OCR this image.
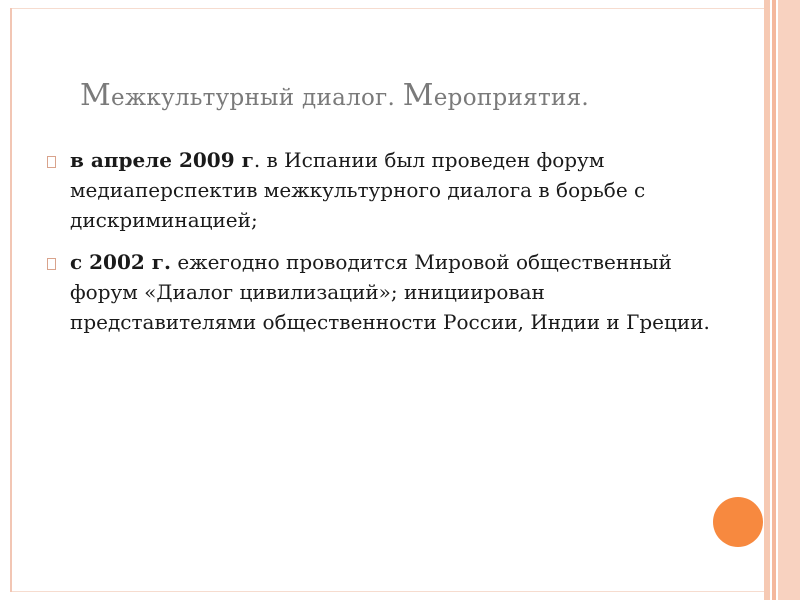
Межкультурный диалог. Мероприятия.
в апреле 2009 г. в Испании был проведен форум медиаперспектив межкультурного диалога в борьбе с дискриминацией;
с 2002 г. ежегодно проводится Мировой общественный форум «Диалог цивилизаций»; инициирован представителями общественности России, Индии и Греции.
